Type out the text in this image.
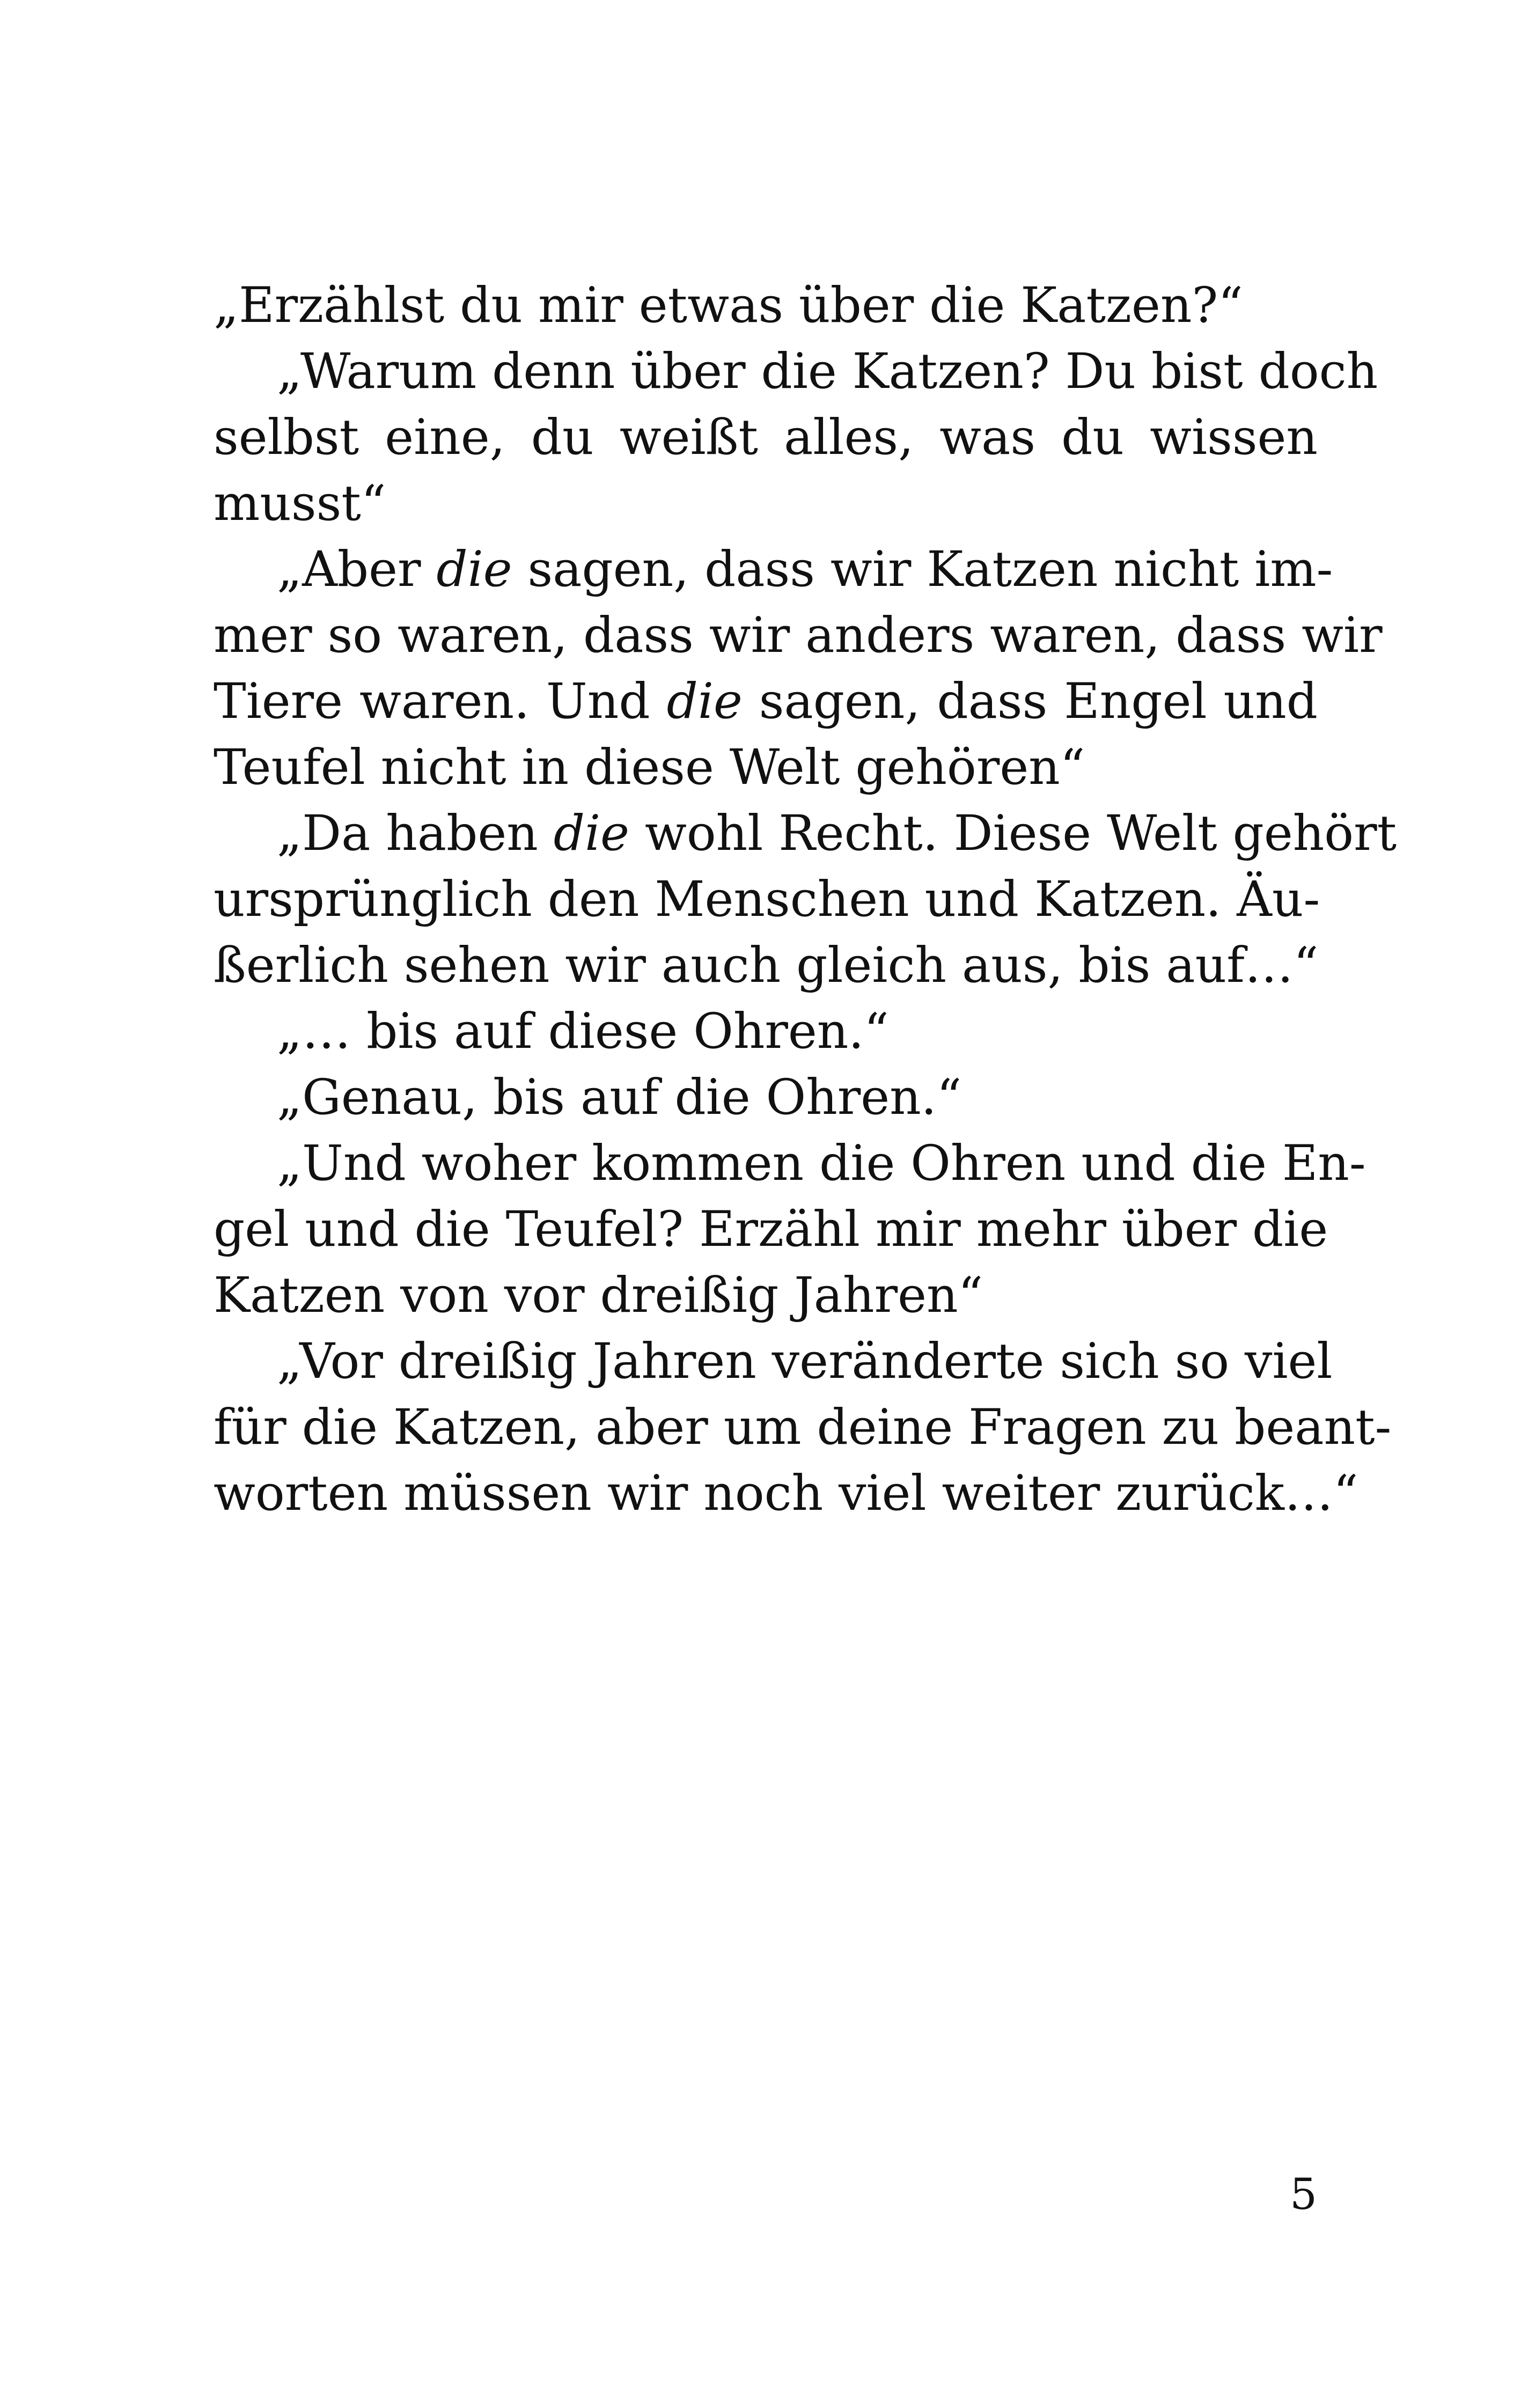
„Erzählst du mir etwas über die Katzen?“
„Warum denn über die Katzen? Du bist doch
selbst eine, du weißt alles, was du wissen
musst“
„Aber die sagen, dass wir Katzen nicht im-
mer so waren, dass wir anders waren, dass wir
Tiere waren. Und die sagen, dass Engel und
Teufel nicht in diese Welt gehören“
„Da haben die wohl Recht. Diese Welt gehört
ursprünglich den Menschen und Katzen. Äu-
ßerlich sehen wir auch gleich aus, bis auf…“
„… bis auf diese Ohren.“
„Genau, bis auf die Ohren.“
„Und woher kommen die Ohren und die En-
gel und die Teufel? Erzähl mir mehr über die
Katzen von vor dreißig Jahren“
„Vor dreißig Jahren veränderte sich so viel
für die Katzen, aber um deine Fragen zu beant-
worten müssen wir noch viel weiter zurück…“
5
